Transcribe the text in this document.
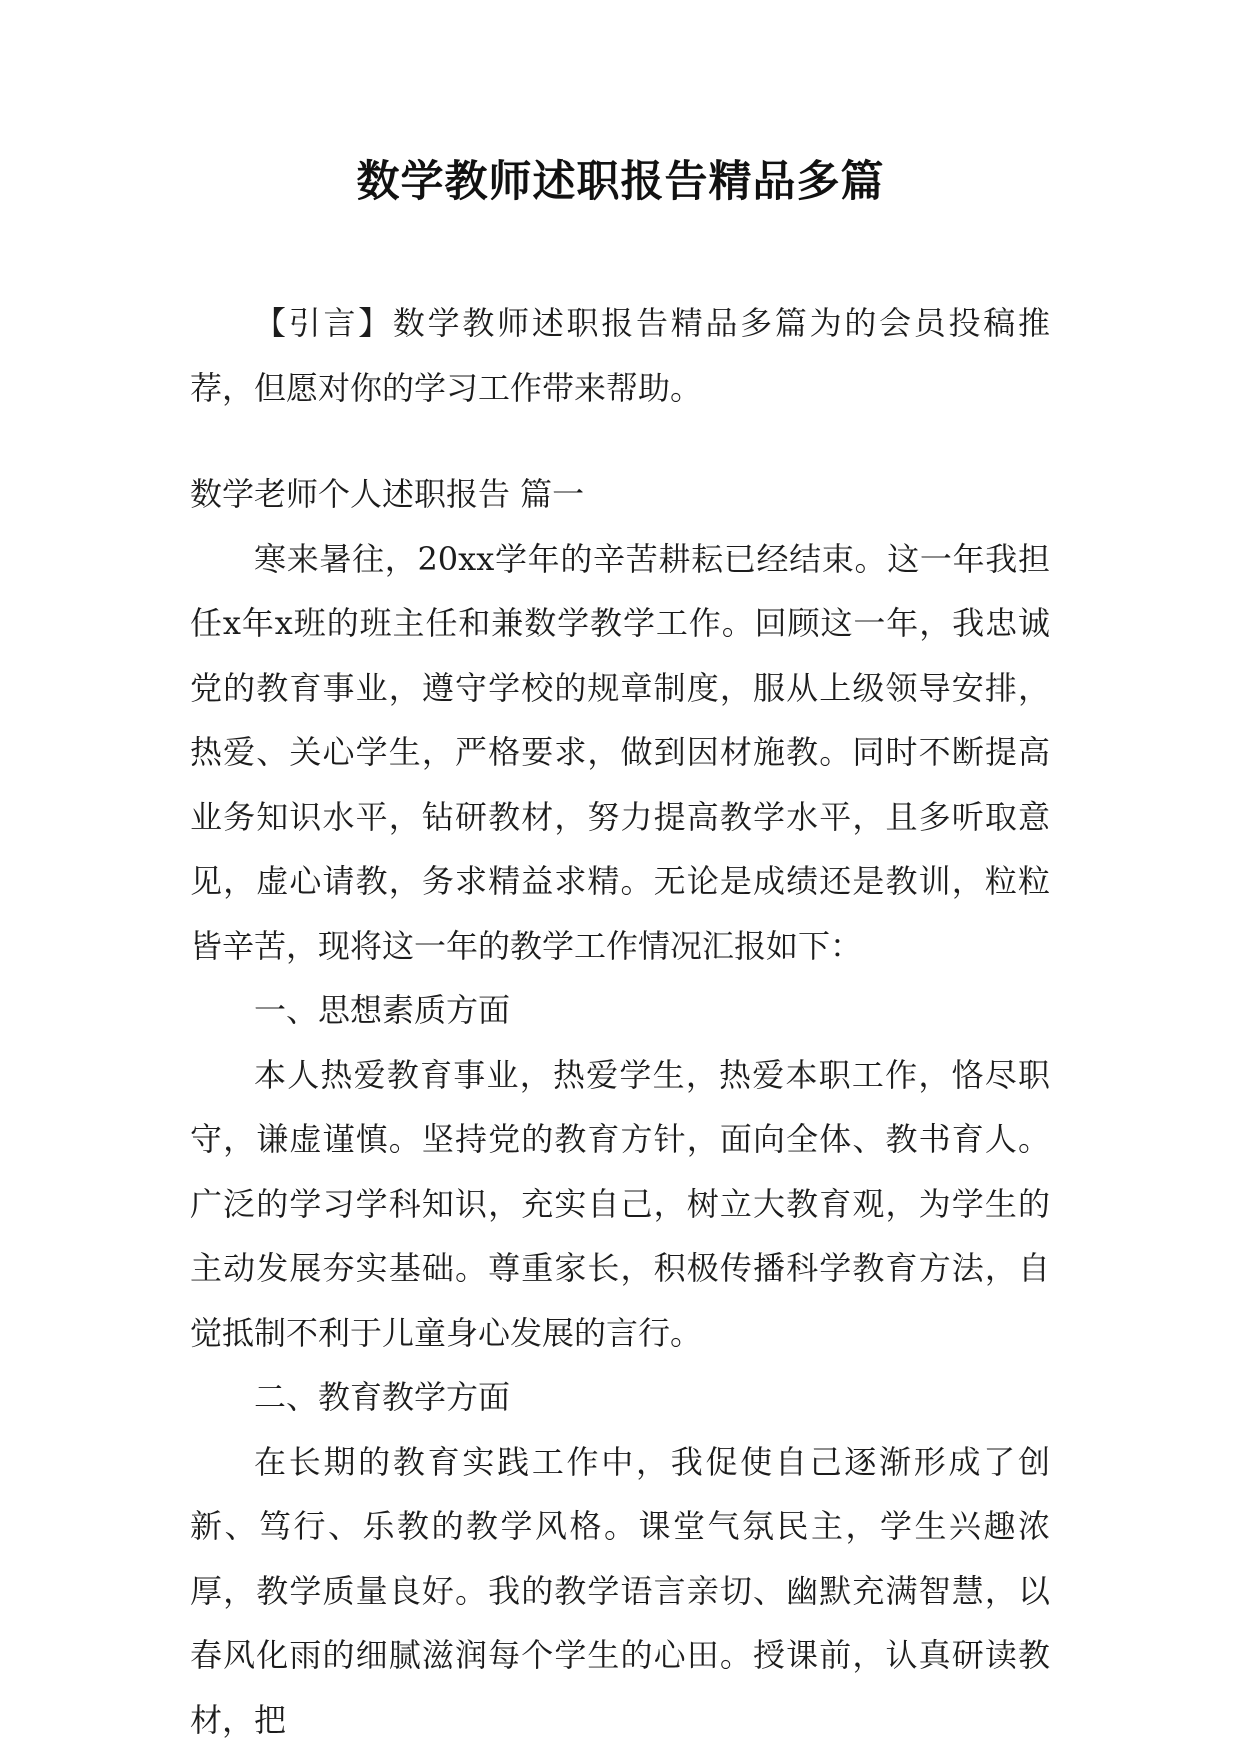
数学教师述职报告精品多篇

【引言】数学教师述职报告精品多篇为的会员投稿推荐，但愿对你的学习工作带来帮助。

数学老师个人述职报告 篇一

寒来暑往，20xx学年的辛苦耕耘已经结束。这一年我担任x年x班的班主任和兼数学教学工作。回顾这一年，我忠诚党的教育事业，遵守学校的规章制度，服从上级领导安排，热爱、关心学生，严格要求，做到因材施教。同时不断提高业务知识水平，钻研教材，努力提高教学水平，且多听取意见，虚心请教，务求精益求精。无论是成绩还是教训，粒粒皆辛苦，现将这一年的教学工作情况汇报如下：

一、思想素质方面

本人热爱教育事业，热爱学生，热爱本职工作，恪尽职守，谦虚谨慎。坚持党的教育方针，面向全体、教书育人。广泛的学习学科知识，充实自己，树立大教育观，为学生的主动发展夯实基础。尊重家长，积极传播科学教育方法，自觉抵制不利于儿童身心发展的言行。

二、教育教学方面

在长期的教育实践工作中，我促使自己逐渐形成了创新、笃行、乐教的教学风格。课堂气氛民主，学生兴趣浓厚，教学质量良好。我的教学语言亲切、幽默充满智慧，以春风化雨的细腻滋润每个学生的心田。授课前，认真研读教材，把
